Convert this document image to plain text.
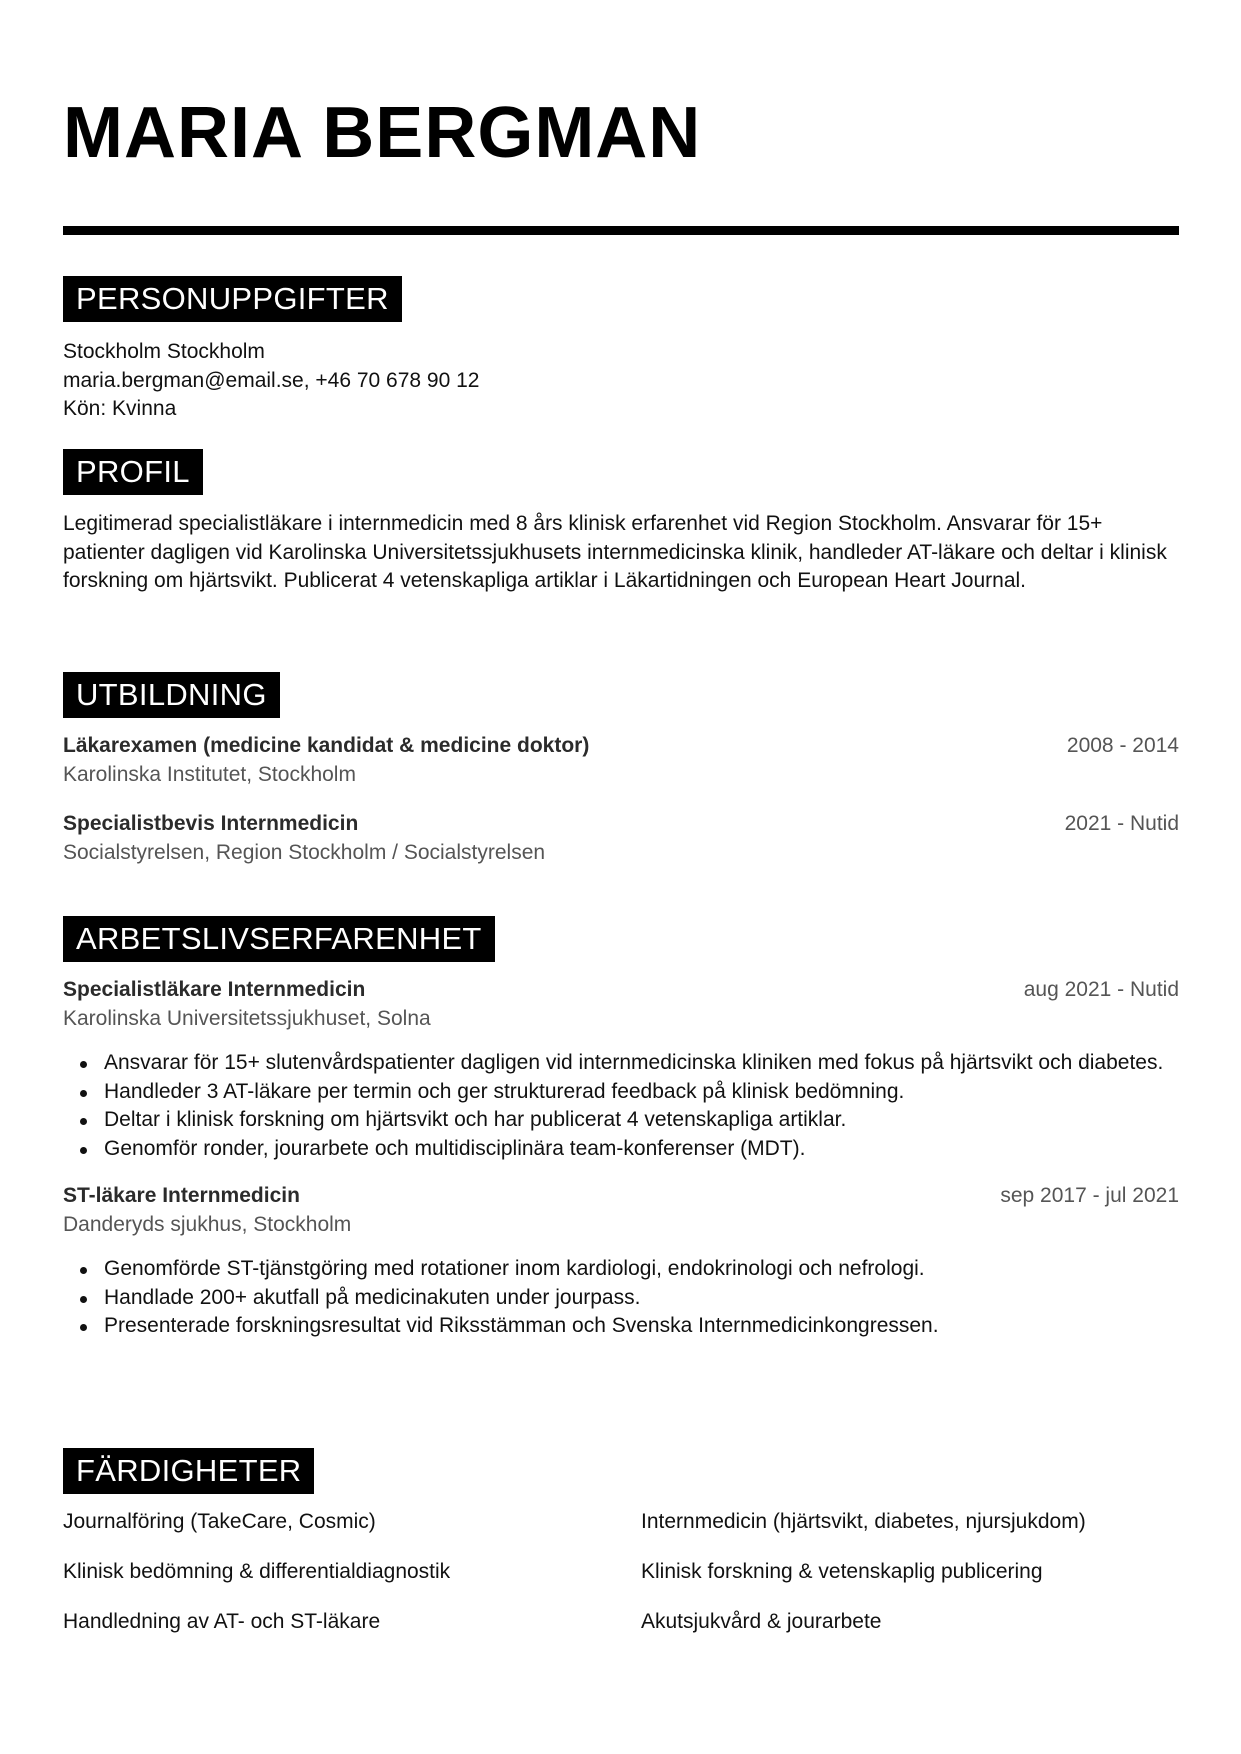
MARIA BERGMAN
PERSONUPPGIFTER
Stockholm Stockholm
maria.bergman@email.se, +46 70 678 90 12
Kön: Kvinna
PROFIL
Legitimerad specialistläkare i internmedicin med 8 års klinisk erfarenhet vid Region Stockholm. Ansvarar för 15+ patienter dagligen vid Karolinska Universitetssjukhusets internmedicinska klinik, handleder AT-läkare och deltar i klinisk forskning om hjärtsvikt. Publicerat 4 vetenskapliga artiklar i Läkartidningen och European Heart Journal.
UTBILDNING
Läkarexamen (medicine kandidat & medicine doktor)
Karolinska Institutet, Stockholm
2008 - 2014
Specialistbevis Internmedicin
Socialstyrelsen, Region Stockholm / Socialstyrelsen
2021 - Nutid
ARBETSLIVSERFARENHET
Specialistläkare Internmedicin
Karolinska Universitetssjukhuset, Solna
aug 2021 - Nutid
Ansvarar för 15+ slutenvårdspatienter dagligen vid internmedicinska kliniken med fokus på hjärtsvikt och diabetes.
Handleder 3 AT-läkare per termin och ger strukturerad feedback på klinisk bedömning.
Deltar i klinisk forskning om hjärtsvikt och har publicerat 4 vetenskapliga artiklar.
Genomför ronder, jourarbete och multidisciplinära team-konferenser (MDT).
ST-läkare Internmedicin
Danderyds sjukhus, Stockholm
sep 2017 - jul 2021
Genomförde ST-tjänstgöring med rotationer inom kardiologi, endokrinologi och nefrologi.
Handlade 200+ akutfall på medicinakuten under jourpass.
Presenterade forskningsresultat vid Riksstämman och Svenska Internmedicinkongressen.
FÄRDIGHETER
Journalföring (TakeCare, Cosmic)	Internmedicin (hjärtsvikt, diabetes, njursjukdom)
Klinisk bedömning & differentialdiagnostik	Klinisk forskning & vetenskaplig publicering
Handledning av AT- och ST-läkare	Akutsjukvård & jourarbete
